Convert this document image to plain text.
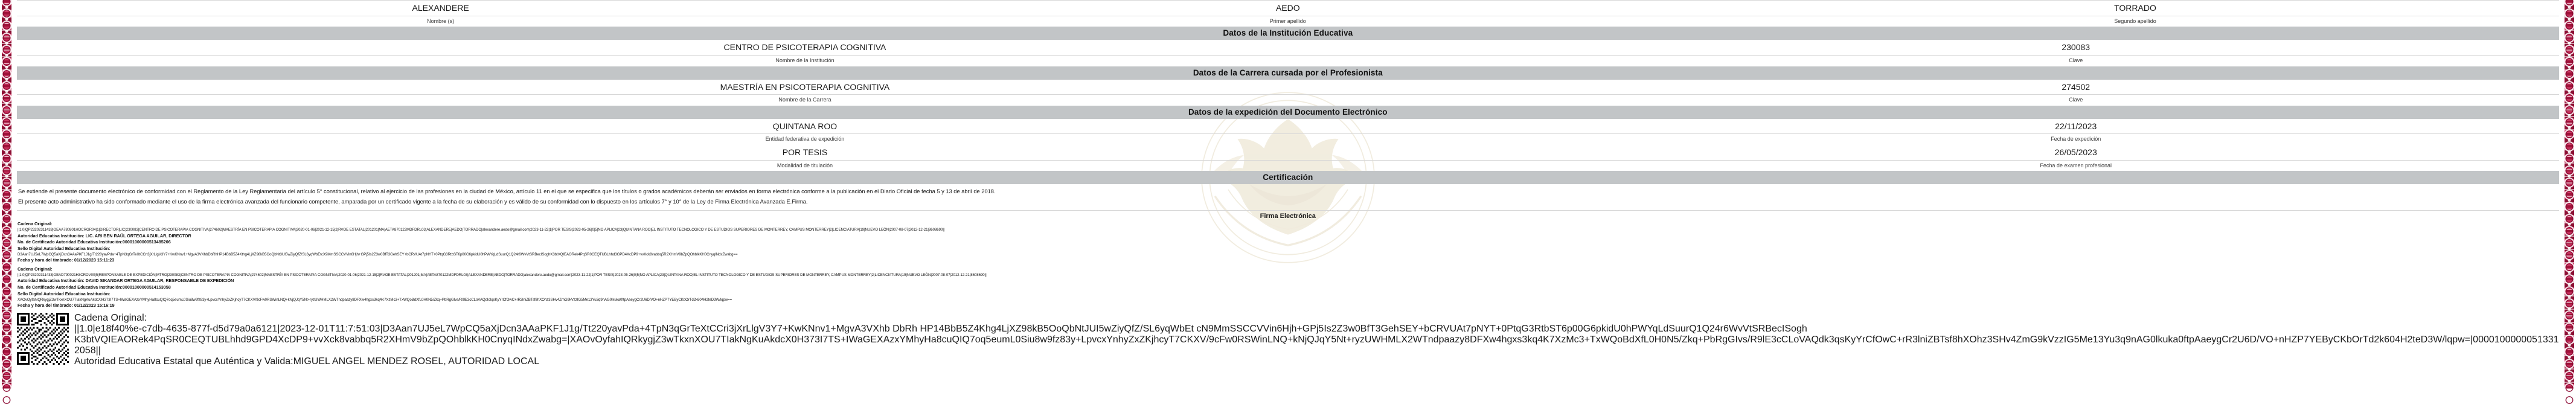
ALEXANDERE
Nombre (s)
AEDO
Primer apellido
TORRADO
Segundo apellido
Datos de la Institución Educativa
CENTRO DE PSICOTERAPIA COGNITIVA
Nombre de la Institución
230083
Clave
Datos de la Carrera cursada por el Profesionista
MAESTRÍA EN PSICOTERAPIA COGNITIVA
Nombre de la Carrera
274502
Clave
Datos de la expedición del Documento Electrónico
QUINTANA ROO
Entidad federativa de expedición
22/11/2023
Fecha de expedición
POR TESIS
Modalidad de titulación
26/05/2023
Fecha de examen profesional
Certificación

Se extiende el presente documento electrónico de conformidad con el Reglamento de la Ley Reglamentaria del artículo 5° constitucional, relativo al ejercicio de las profesiones en la ciudad de México, artículo 11 en el que se especifica que los títulos o grados académicos deberán ser enviados en forma electrónica conforme a la publicación en el Diario Oficial de fecha 5 y 13 de abril de 2018.

El presente acto administrativo ha sido conformado mediante el uso de la firma electrónica avanzada del funcionario competente, amparada por un certificado vigente a la fecha de su elaboración y es válido de su conformidad con lo dispuesto en los artículos 7° y 10° de la Ley de Firma Electrónica Avanzada E.Firma.

Firma Electrónica
Cadena Original:
||1.0|QP23202311433|OEAA780801HOCRGR04|1|DIRECTOR|LIC|230083|CENTRO DE PSICOTERAPIA COGNITIVA|274602|MAESTRÍA EN PSICOTERAPIA COGNITIVA|2020-01-06|2021-12-15|2|RVOE ESTATAL|201201|MA|AETA870122MDFDRL03|ALEXANDERE|AEDO|TORRADO|alexandere.aedo@gmail.com|2023-11-22|1|POR TESIS|2023-05-26|0|5|NO APLICA|23|QUINTANA ROO|EL INSTITUTO TECNOLOGICO Y DE ESTUDIOS SUPERIORES DE MONTERREY, CAMPUS MONTERREY|2|LICENCIATURA|19|NUEVO LEÓN|2007-08-07|2012-12-21|8608690||
Autoridad Educativa Institución: LIC. ARI BEN RAÚL ORTEGA AGUILAR, DIRECTOR
No. de Certificado Autoridad Educativa Institución:00001000000513485206
Sello Digital Autoridad Educativa Institución:
D3Aan7UJ5eL7WpCQ5aXjDcn3AAaPKF1J1g/Tt220yavPda+4TpN3qGrTeXtCCri3jXrLlgV3Y7+KwKNnv1+MgvA3VXhbDbRhHP14BbB5Z4Kthg4LjXZ98kB5OoQbNt3UI5wZiyQfZ/SL6yqWbEtcX9MmSSCCVVin6Hjh+GPj5Is2Z3w0BfT3GehSEY+bCRVUAt7pNYT+0PtqG3RtbST6p00G6pkidU0hPWYqLdSuurQ1Q24r6WvVtSRBecISoghK3btVQIEAORek4PqSR0CEQTUBLhhd3GPD4XcDP9+vvXck8vabbq5R2XHmV9bZpQOhblkKH0CnyqINdxZwabg==
Fecha y hora del timbrado: 01/12/2023 15:11:23
Cadena Original:
||1.0|QP23202311433|OEAD790021H3CROV00|5|RESPONSABLE DE EXPEDICIÓN|MTRO|230083|CENTRO DE PSICOTERAPIA COGNITIVA|274602|MAESTRÍA EN PSICOTERAPIA COGNITIVA|2020-01-06|2021-12-15|2|RVOE ESTATAL|201201|MA|AETA870122MDFDRL03|ALEXANDERE|AEDO|TORRADO|alexandere.aedo@gmail.com|2023-11-22|1|POR TESIS|2023-05-26|0|5|NO APLICA|23|QUINTANA ROO|EL INSTITUTO TECNOLOGICO Y DE ESTUDIOS SUPERIORES DE MONTERREY, CAMPUS MONTERREY|2|LICENCIATURA|19|NUEVO LEÓN|2007-08-07|2012-12-21|8608690||
Autoridad Educativa Institución: DAVID SIKANDAR ORTEGA AGUILAR, RESPONSABLE DE EXPEDICIÓN
No. de Certificado Autoridad Educativa Institución:00001000000514153058
Sello Digital Autoridad Educativa Institución:
XAOvOyfahIQRkygjZ3wTkxnXOU7TIakNgKuAkdcXlH373I7TS+IWaGEXAzxYMhyHa8cuQIQ7oq5eumL0Siu8w9fz83y+LpvcxYnhyZxZKjhcyT7CKXV/9cFw0RSWinLNQ+kNjQJqY5Nt+ryzUWHMLX2WTndpaazy8DFXw4hgxs3kq4K7XzMc3+TxWQoBdXfL0H0N5/Zkq+PbRgGIvs/R9lE3cCLoVAQdk3qsKyYrCfOwC+rR3lniZBTsf8hXOhz3SHv4ZmG9kVzzIG5Me13Yu3q9nAG0lkuka0ftpAaeygCr2U6D/VO+nHZP7YEByCKbOrTd2k604H2teD3W/lqpw==
Fecha y hora del timbrado: 01/12/2023 15:16:19
Cadena Original:
||1.0|e18f40%e-c7db-4635-877f-d5d79a0a6121|2023-12-01T11:7:51:03|D3Aan7UJ5eL7WpCQ5aXjDcn3AAaPKF1J1g/Tt220yavPda+4TpN3qGrTeXtCCri3jXrLlgV3Y7+KwKNnv1+MgvA3VXhb DbRh HP14BbB5Z4Khg4LjXZ98kB5OoQbNtJUI5wZiyQfZ/SL6yqWbEt cN9MmSSCCVVin6Hjh+GPj5Is2Z3w0BfT3GehSEY+bCRVUAt7pNYT+0PtqG3RtbST6p00G6pkidU0hPWYqLdSuurQ1Q24r6WvVtSRBecISogh K3btVQIEAORek4PqSR0CEQTUBLhhd9GPD4XcDP9+vvXck8vabbq5R2XHmV9bZpQOhblkKH0CnyqINdxZwabg=|XAOvOyfahIQRkygjZ3wTkxnXOU7TIakNgKuAkdcX0H373I7TS+IWaGEXAzxYMhyHa8cuQIQ7oq5eumL0Siu8w9fz83y+LpvcxYnhyZxZKjhcyT7CKXV/9cFw0RSWinLNQ+kNjQJqY5Nt+ryzUWHMLX2WTndpaazy8DFXw4hgxs3kq4K7XzMc3+TxWQoBdXfL0H0N5/Zkq+PbRgGIvs/R9lE3cCLoVAQdk3qsKyYrCfOwC+rR3lniZBTsf8hXOhz3SHv4ZmG9kVzzIG5Me13Yu3q9nAG0lkuka0ftpAaeygCr2U6D/VO+nHZP7YEByCKbOrTd2k604H2teD3W/lqpw=|0000100000051331 2058||
Autoridad Educativa Estatal que Auténtica y Valida:MIGUEL ANGEL MENDEZ ROSEL, AUTORIDAD LOCAL
